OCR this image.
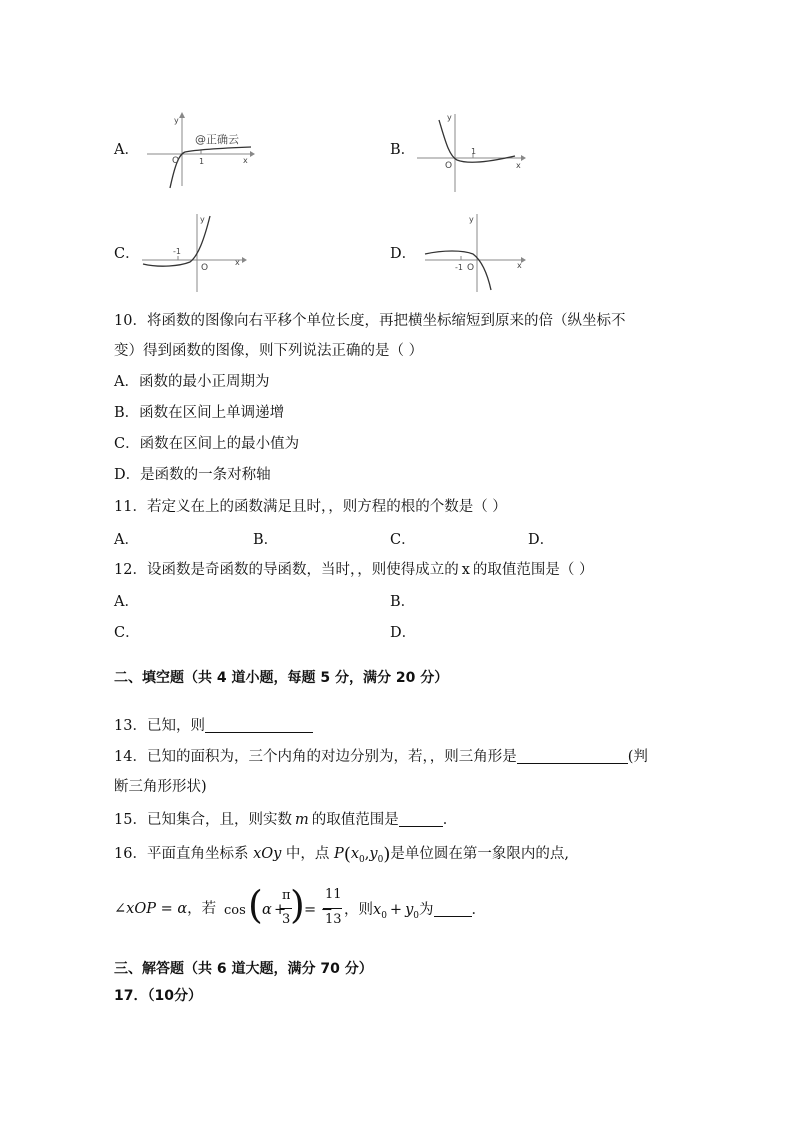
A．	B．
C．	D．
@正确云
O 1	x
y
O
1
x
y
-1
O
x
y
-1 O	x
y
10．将函数的图像向右平移个单位长度，再把横坐标缩短到原来的倍（纵坐标不
变）得到函数的图像，则下列说法正确的是（ ）
A．函数的最小正周期为
B．函数在区间上单调递增
C．函数在区间上的最小值为
D．是函数的一条对称轴
11．若定义在上的函数满足且时，，则方程的根的个数是（ ）
A．	B．	C．	D．
12．设函数是奇函数的导函数，当时，，则使得成立的 x 的取值范围是（ ）
A．	B．
C．	D．
二、填空题（共 4 道小题，每题 5 分，满分 20 分）
13．已知，则
14．已知的面积为，三个内角的对边分别为，若，，则三角形是	(判
断三角形形状)
15．已知集合，且，则实数 m 的取值范围是	．
16．平面直角坐标系 xOy 中，点 $P(x_0,y_0)$是单位圆在第一象限内的点,
∠xOP = α，若 cos ( α +
π
3 ) = −
11
13
，则$x_0 + y_0$为	．
三、解答题（共 6 道大题，满分 70 分）
17．（10分）
